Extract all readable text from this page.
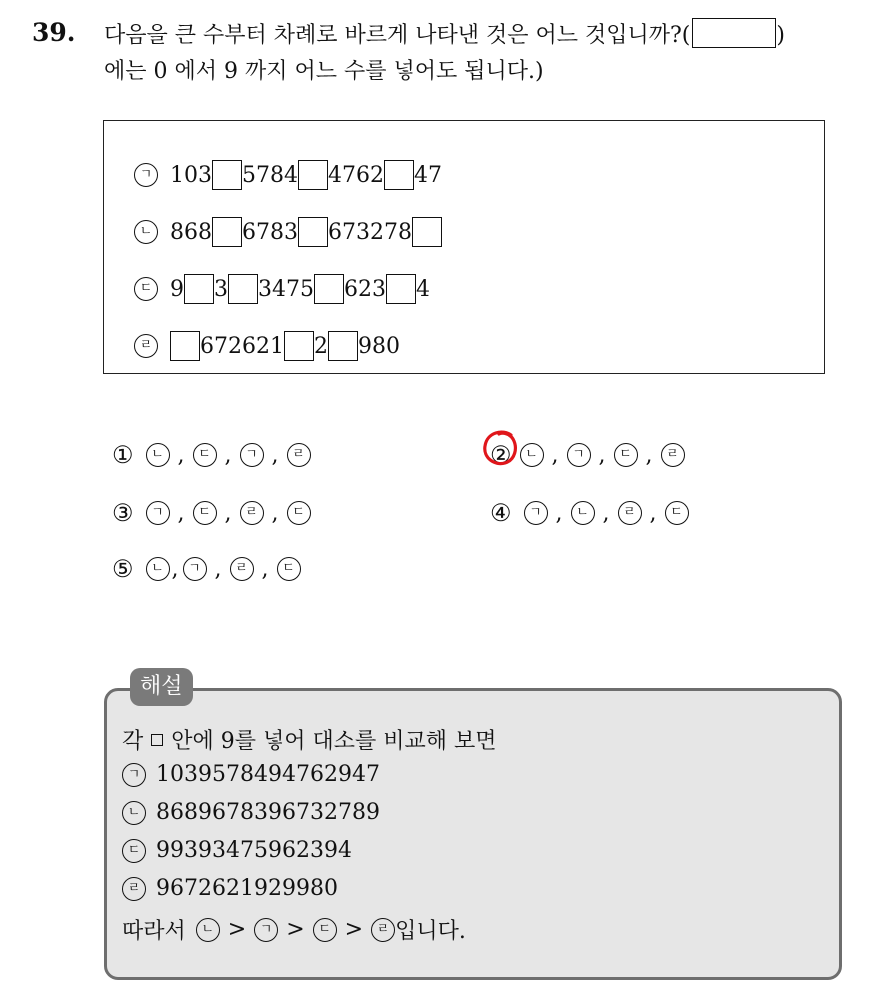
39. 다음을 큰 수부터 차례로 바르게 나타낸 것은 어느 것입니까?(	)
에는 0 에서 9 까지 어느 수를 넣어도 됩니다.)
ㄱ 103 5784 4762 47
ㄴ 868 6783 673278
ㄷ 9 3 3475 623 4
ㄹ 672621 2 980
①	ㄴ ,	ㄷ ,	ㄱ ,	ㄹ	②	ㄴ ,	ㄱ ,	ㄷ ,	ㄹ
③	ㄱ ,	ㄷ ,	ㄹ ,	ㄷ	④	ㄱ ,	ㄴ ,	ㄹ ,	ㄷ
⑤	ㄴ , ㄱ ,	ㄹ ,	ㄷ
해설
각 안에 9를 넣어 대소를 비교해 보면
ㄱ 1039578494762947
ㄴ 8689678396732789
ㄷ 99393475962394
ㄹ 9672621929980
따라서	ㄴ >	ㄱ >	ㄷ >	ㄹ 입니다.
